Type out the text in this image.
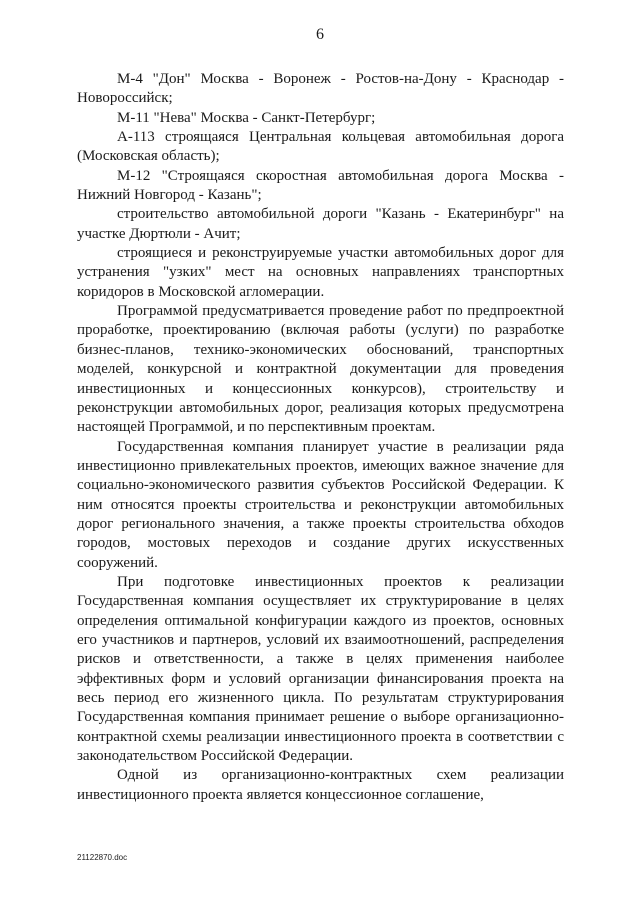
6

М-4 "Дон" Москва - Воронеж - Ростов-на-Дону - Краснодар - Новороссийск;

М-11 "Нева" Москва - Санкт-Петербург;

А-113 строящаяся Центральная кольцевая автомобильная дорога (Московская область);

М-12 "Строящаяся скоростная автомобильная дорога Москва - Нижний Новгород - Казань";

строительство автомобильной дороги "Казань - Екатеринбург" на участке Дюртюли - Ачит;

строящиеся и реконструируемые участки автомобильных дорог для устранения "узких" мест на основных направлениях транспортных коридоров в Московской агломерации.

Программой предусматривается проведение работ по предпроектной проработке, проектированию (включая работы (услуги) по разработке бизнес-планов, технико-экономических обоснований, транспортных моделей, конкурсной и контрактной документации для проведения инвестиционных и концессионных конкурсов), строительству и реконструкции автомобильных дорог, реализация которых предусмотрена настоящей Программой, и по перспективным проектам.

Государственная компания планирует участие в реализации ряда инвестиционно привлекательных проектов, имеющих важное значение для социально-экономического развития субъектов Российской Федерации. К ним относятся проекты строительства и реконструкции автомобильных дорог регионального значения, а также проекты строительства обходов городов, мостовых переходов и создание других искусственных сооружений.

При подготовке инвестиционных проектов к реализации Государственная компания осуществляет их структурирование в целях определения оптимальной конфигурации каждого из проектов, основных его участников и партнеров, условий их взаимоотношений, распределения рисков и ответственности, а также в целях применения наиболее эффективных форм и условий организации финансирования проекта на весь период его жизненного цикла. По результатам структурирования Государственная компания принимает решение о выборе организационно-контрактной схемы реализации инвестиционного проекта в соответствии с законодательством Российской Федерации.

Одной из организационно-контрактных схем реализации инвестиционного проекта является концессионное соглашение,

21122870.doc
